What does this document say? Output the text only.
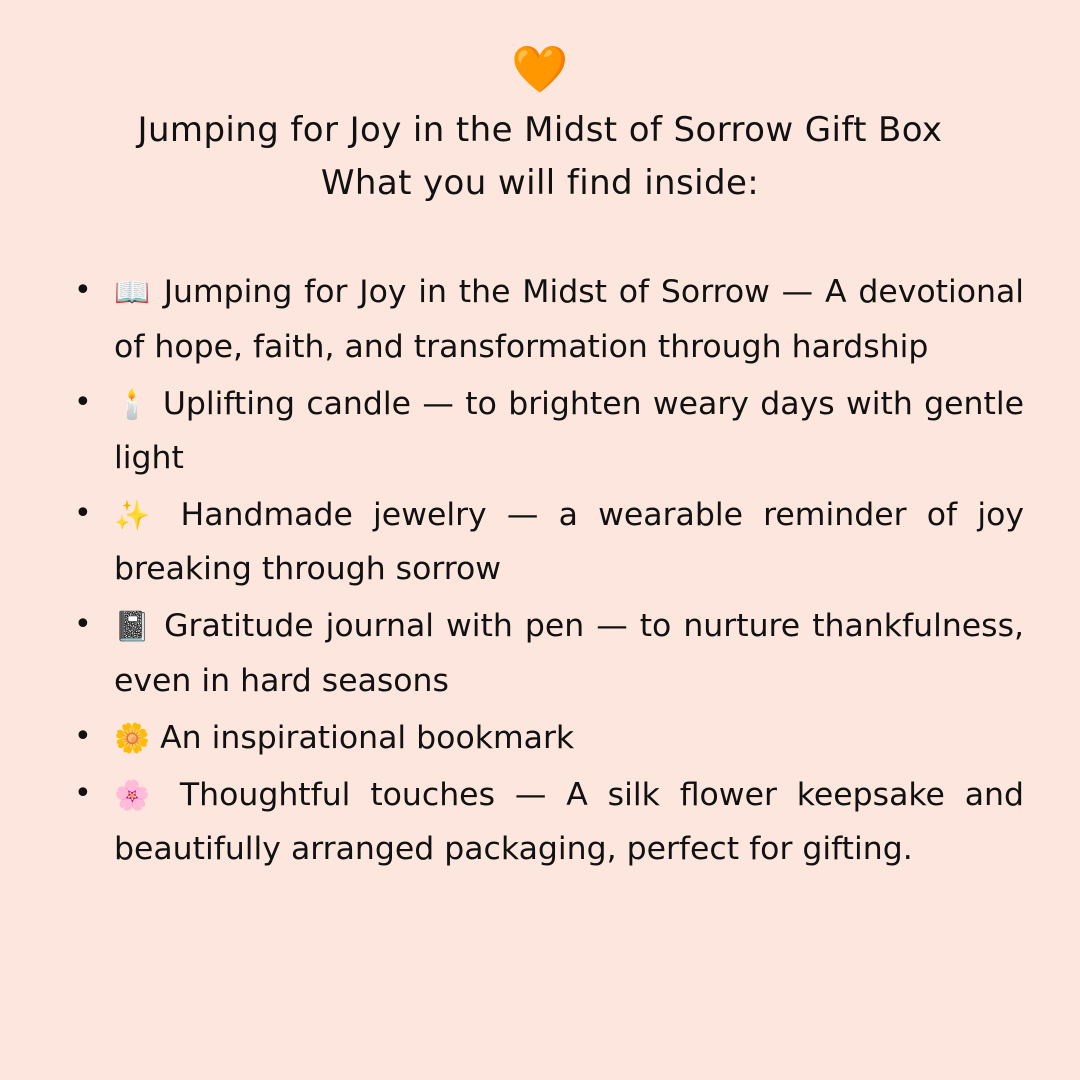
🧡
Jumping for Joy in the Midst of Sorrow Gift Box
What you will find inside:
• 📖 Jumping for Joy in the Midst of Sorrow — A devotional of hope, faith, and transformation through hardship
• 🕯️ Uplifting candle — to brighten weary days with gentle light
• ✨ Handmade jewelry — a wearable reminder of joy breaking through sorrow
• 📓 Gratitude journal with pen — to nurture thankfulness, even in hard seasons
• 🌼 An inspirational bookmark
• 🌸 Thoughtful touches — A silk flower keepsake and beautifully arranged packaging, perfect for gifting.
